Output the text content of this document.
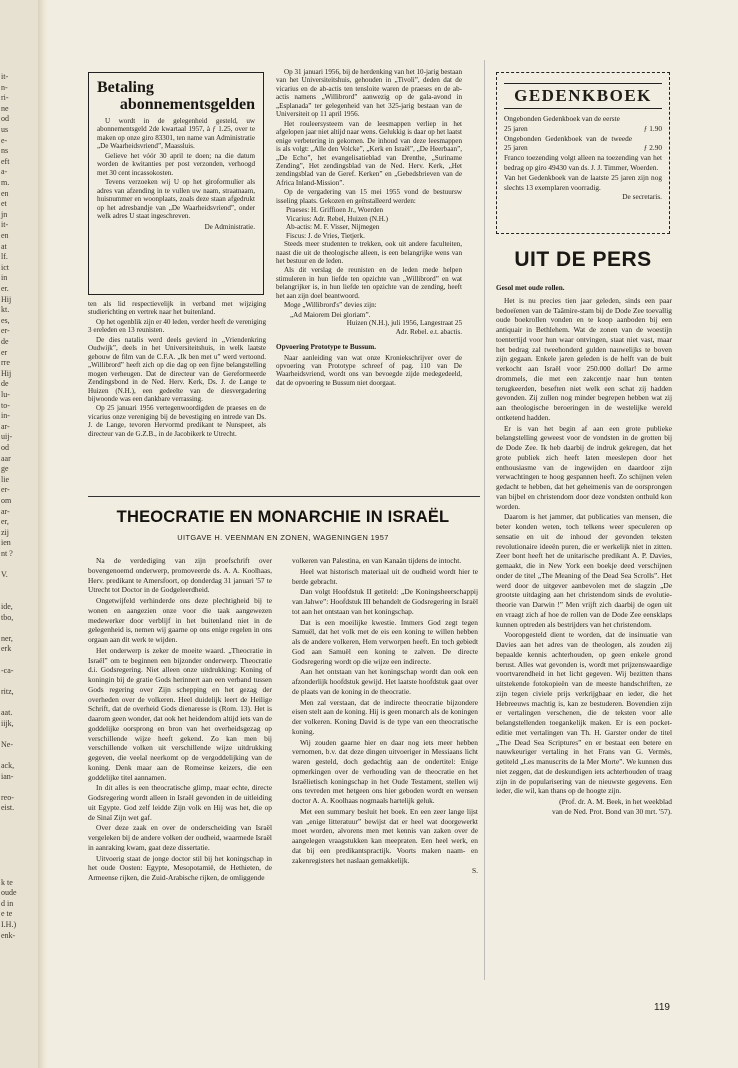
it-
n-
ri-
ne
od
us
e-
ns
eft
a-
m.
en
et
jn
it-
en
at
lf.
ict
in
er.
Hij
kt.
es,
er-
de
er
rre
Hij
de
lu-
to-
in-
ar-
uij-
od
aar
ge
lie
er-
om
ar-
er,
zij
ien
nt ?
V.
ide,
tbo,
ner,
erk
-ca-
ritz,
aat.
iijk,
Ne-
ack,
ian-
reo-
eist.
k te
oude
d in
e te
I.H.)
enk-
Betaling
abonnementsgelden

U wordt in de gelegenheid gesteld, uw abonnementsgeld 2de kwartaal 1957, à ƒ 1.25, over te maken op onze giro 83301, ten name van Administratie „De Waarheidsvriend”, Maassluis.

Gelieve het vóór 30 april te doen; na die datum worden de kwitanties per post verzonden, verhoogd met 30 cent incassokosten.

Tevens verzoeken wij U op het giroformulier als adres van afzending in te vullen uw naam, straatnaam, huisnummer en woonplaats, zoals deze staan afgedrukt op het adresbandje van „De Waarheidsvriend”, onder welk adres U staat ingeschreven.

De Administratie.

ten als lid respectievelijk in verband met wijziging studierichting en vertrek naar het buitenland.

Op het ogenblik zijn er 40 leden, verder heeft de vereniging 3 ereleden en 13 reunisten.

De dies natalis werd deels gevierd in „Vriendenkring Oudwijk”, deels in het Universiteitshuis, in welk laatste gebouw de film van de C.F.A. „Ik ben met u” werd vertoond. „Willibrord” heeft zich op die dag op een fijne belangstelling mogen verheugen. Dat de directeur van de Gereformeerde Zendingsbond in de Ned. Herv. Kerk, Ds. J. de Lange te Huizen (N.H.), een gedeelte van de diesvergadering bijwoonde was een dankbare verrassing.

Op 25 januari 1956 vertegenwoordigden de praeses en de vicarius onze vereniging bij de bevestiging en intrede van Ds. J. de Lange, tevoren Hervormd predikant te Nunspeet, als directeur van de G.Z.B., in de Jacobikerk te Utrecht.

Op 31 januari 1956, bij de herdenking van het 10-jarig bestaan van het Universiteitshuis, gehouden in „Tivoli”, deden dat de vicarius en de ab-actis ten tensloite waren de praeses en de ab-actis namens „Willibrord” aanwezig op de gala-avond in „Esplanada” ter gelegenheid van het 325-jarig bestaan van de Universiteit op 11 april 1956.

Het rouleersysteem van de leesmappen verliep in het afgelopen jaar niet altijd naar wens. Gelukkig is daar op het laatst enige verbetering in gekomen. De inhoud van deze leesmappen is als volgt: „Alle den Volcke”, „Kerk en Israël”, „De Heerbaan”, „De Echo”, het evangelisatieblad van Drenthe, „Suriname Zending”, Het zendingsblad van de Ned. Herv. Kerk, „Het zendingsblad van de Geref. Kerken” en „Gebedsbrieven van de Africa Inland-Mission”.

Op de vergadering van 15 mei 1955 vond de bestuursw isseling plaats. Gekozen en geïnstalleerd werden:

Praeses: H. Griffioen Jr., Woerden
Vicarius: Adr. Rebel, Huizen (N.H.)
Ab-actis: M. F. Visser, Nijmegen
Fiscus: J. de Vries, Tietjerk.

Steeds meer studenten te trekken, ook uit andere faculteiten, naast die uit de theologische alleen, is een belangrijke wens van het bestuur en de leden.

Als dit verslag de reunisten en de leden mede helpen stimuleren in hun liefde ten opzichte van „Willibrord” en wat belangrijker is, in hun liefde ten opzichte van de zending, heeft het aan zijn doel beantwoord.

Moge „Willibrord's” devies zijn:

„Ad Maiorem Dei gloriam”.
Huizen (N.H.), juli 1956, Langestraat 25
Adr. Rebel. e.t. abactis.
Opvoering Prototype te Bussum.

Naar aanleiding van wat onze Kroniekschrijver over de opvoering van Prototype schreef of pag. 110 van De Waarheidsvriend, wordt ons van bevoegde zijde medegedeeld, dat de opvoering te Bussum niet doorgaat.

GEDENKBOEK
Ongebonden Gedenkboek van de eerste
25 jaren	ƒ 1.90
Ongebonden Gedenkboek van de tweede 25 jaren	ƒ 2.90
Franco toezending volgt alleen na toezending van het bedrag op giro 49430 van ds. J. J. Timmer, Woerden.
Van het Gedenkboek van de laatste 25 jaren zijn nog slechts 13 exemplaren voorradig.
De secretaris.
UIT DE PERS
Gesol met oude rollen.

Het is nu precies tien jaar geleden, sinds een paar bedoeïenen van de Taâmire-stam bij de Dode Zee toevallig oude boekrollen vonden en te koop aanboden bij een antiquair in Bethlehem. Wat de zonen van de woestijn toentertijd voor hun waar ontvingen, staat niet vast, maar het bedrag zal tweehonderd gulden nauwelijks te boven zijn gegaan. Enkele jaren geleden is de helft van de buit verkocht aan Israël voor 250.000 dollar! De arme drommels, die met een zakcentje naar hun tenten terugkeerden, beseften niet welk een schat zij hadden gevonden. Zij zullen nog minder begrepen hebben wat zij aan theologische beroeringen in de westelijke wereld ontketend hadden.

Er is van het begin af aan een grote publieke belangstelling geweest voor de vondsten in de grotten bij de Dode Zee. Ik heb daarbij de indruk gekregen, dat het grote publiek zich heeft laten meeslepen door het enthousiasme van de ingewijden en daardoor zijn verwachtingen te hoog gespannen heeft. Zo schijnen velen gedacht te hebben, dat het geheimenis van de oorsprongen van bijbel en christendom door deze vondsten onthuld kon worden.

Daarom is het jammer, dat publicaties van mensen, die beter konden weten, toch telkens weer speculeren op sensatie en uit de inhoud der gevonden teksten revolutionaire ideeën puren, die er werkelijk niet in zitten. Zeer bont heeft het de unitarische predikant A. P. Davies, gemaakt, die in New York een boekje deed verschijnen onder de titel „The Meaning of the Dead Sea Scrolls”. Het werd door de uitgever aanbevolen met de slagzin „De grootste uitdaging aan het christendom sinds de evolutie-theorie van Darwin !” Men vrijft zich daarbij de ogen uit en vraagt zich af hoe de rollen van de Dode Zee eensklaps kunnen optreden als bestrijders van het christendom.

Vooropgesteld dient te worden, dat de insinuatie van Davies aan het adres van de theologen, als zouden zij bepaalde kennis achterhouden, op geen enkele grond berust. Alles wat gevonden is, wordt met prijzenswaardige voortvarendheid in het licht gegeven. Wij bezitten thans uitstekende fotokopieën van de meeste handschriften, ze zijn tegen civiele prijs verkrijgbaar en ieder, die het Hebreeuws machtig is, kan ze bestuderen. Bovendien zijn er vertalingen verschenen, die de teksten voor alle belangstellenden toegankelijk maken. Er is een pocket-editie met vertalingen van Th. H. Garster onder de titel „The Dead Sea Scriptures” en er bestaat een betere en nauwkeuriger vertaling in het Frans van G. Vermès, getiteld „Les manuscrits de la Mer Morte”. We kunnen dus niet zeggen, dat de deskundigen iets achterhouden of traag zijn in de popularisering van de nieuwste gegevens. Een ieder, die wil, kan thans op de hoogte zijn.

(Prof. dr. A. M. Beek, in het weekblad
van de Ned. Prot. Bond van 30 mrt. '57).
THEOCRATIE EN MONARCHIE IN ISRAËL
UITGAVE H. VEENMAN EN ZONEN, WAGENINGEN 1957

Na de verdediging van zijn proefschrift over bovengenoemd onderwerp, promoveerde ds. A. A. Koolhaas, Herv. predikant te Amersfoort, op donderdag 31 januari '57 te Utrecht tot Doctor in de Godgeleerdheid.

Ongetwijfeld verhinderde ons deze plechtigheid bij te wonen en aangezien onze voor die taak aangewezen medewerker door verblijf in het buitenland niet in de gelegenheid is, nemen wij gaarne op ons enige regelen in ons orgaan aan dit werk te wijden.

Het onderwerp is zeker de moeite waard. „Theocratie in Israël” om te beginnen een bijzonder onderwerp. Theocratie d.i. Godsregering. Niet alleen onze uitdrukking: Koning of koningin bij de gratie Gods herinnert aan een verband tussen Gods regering over Zijn schepping en het gezag der overheden over de volkeren. Heel duidelijk leert de Heilige Schrift, dat de overheid Gods dienaresse is (Rom. 13). Het is daarom geen wonder, dat ook het heidendom altijd iets van de goddelijke oorsprong en bron van het overheidsgezag op verschillende wijze heeft gekend. Zo kan men bij verschillende volken uit verschillende wijze uitdrukking gegeven, die veelal neerkomt op de vergoddelijking van de koning. Denk maar aan de Romeinse keizers, die een goddelijke titel aannamen.

In dit alles is een theocratische glimp, maar echte, directe Godsregering wordt alleen in Israël gevonden in de uitleiding uit Egypte. God zelf leidde Zijn volk en Hij was het, die op de Sinaï Zijn wet gaf.

Over deze zaak en over de onderscheiding van Israël vergeleken bij de andere volken der oudheid, waarmede Israël in aanraking kwam, gaat deze dissertatie.

Uitvoerig staat de jonge doctor stil bij het koningschap in het oude Oosten: Egypte, Mesopotamië, de Hethieten, de Armeense rijken, die Zuid-Arabische rijken, de omliggende

volkeren van Palestina, en van Kanaän tijdens de intocht.

Heel wat historisch materiaal uit de oudheid wordt hier te berde gebracht.

Dan volgt Hoofdstuk II getiteld: „De Koningsheerschappij van Jahwe”: Hoofdstuk III behandelt de Godsregering in Israël tot aan het ontstaan van het koningschap.

Dat is een moeilijke kwestie. Immers God zegt tegen Samuël, dat het volk met de eis een koning te willen hebben als de andere volkeren, Hem verworpen heeft. En toch gebiedt God aan Samuël een koning te zalven. De directe Godsregering wordt op die wijze een indirecte.

Aan het ontstaan van het koningschap wordt dan ook een afzonderlijk hoofdstuk gewijd. Het laatste hoofdstuk gaat over de plaats van de koning in de theocratie.

Men zal verstaan, dat de indirecte theocratie bijzondere eisen stelt aan de koning. Hij is geen monarch als de koningen der volkeren. Koning David is de type van een theocratische koning.

Wij zouden gaarne hier en daar nog iets meer hebben vernomen, b.v. dat deze dingen uitvoeriger in Messiaans licht waren gesteld, doch gedachtig aan de ondertitel: Enige opmerkingen over de verhouding van de theocratie en het Israëlietisch koningschap in het Oude Testament, stellen wij ons tevreden met hetgeen ons hier geboden wordt en wensen doctor A. A. Koolhaas nogmaals hartelijk geluk.

Met een summary besluit het boek. En een zeer lange lijst van „enige litteratuur” bewijst dat er heel wat doorgewerkt moet worden, alvorens men met kennis van zaken over de aangelegen vraagstukken kan meepraten. Een heel werk, en dat bij een predikantspractijk. Voorts maken naam- en zakenregisters het naslaan gemakkelijk.

S.
119
